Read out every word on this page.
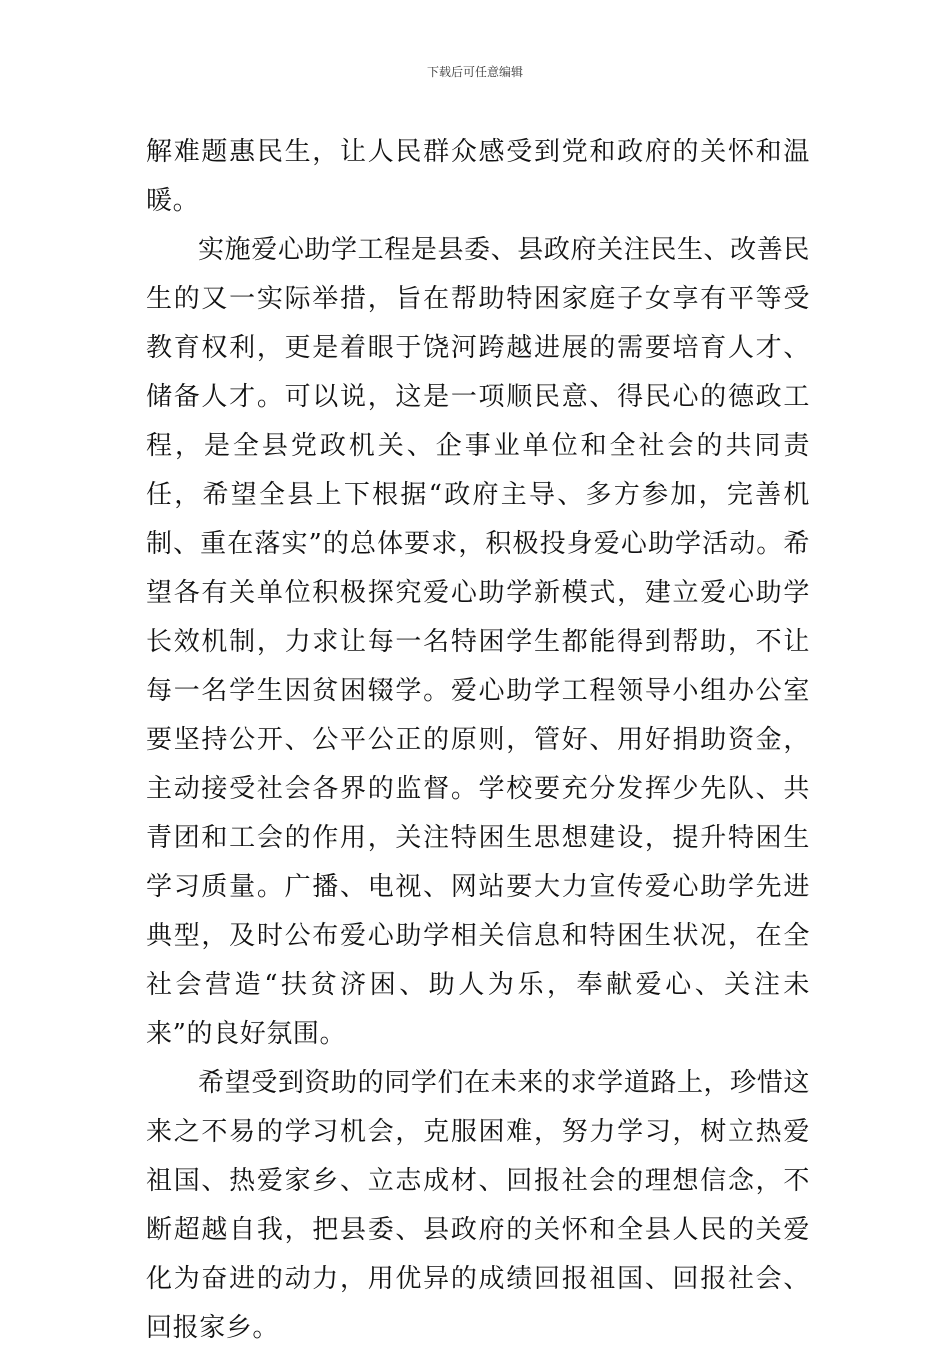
下载后可任意编辑

解难题惠民生，让人民群众感受到党和政府的关怀和温暖。

实施爱心助学工程是县委、县政府关注民生、改善民生的又一实际举措，旨在帮助特困家庭子女享有平等受教育权利，更是着眼于饶河跨越进展的需要培育人才、储备人才。可以说，这是一项顺民意、得民心的德政工程，是全县党政机关、企事业单位和全社会的共同责任，希望全县上下根据“政府主导、多方参加，完善机制、重在落实”的总体要求，积极投身爱心助学活动。希望各有关单位积极探究爱心助学新模式，建立爱心助学长效机制，力求让每一名特困学生都能得到帮助，不让每一名学生因贫困辍学。爱心助学工程领导小组办公室要坚持公开、公平公正的原则，管好、用好捐助资金，主动接受社会各界的监督。学校要充分发挥少先队、共青团和工会的作用，关注特困生思想建设，提升特困生学习质量。广播、电视、网站要大力宣传爱心助学先进典型，及时公布爱心助学相关信息和特困生状况，在全社会营造“扶贫济困、助人为乐，奉献爱心、关注未来”的良好氛围。

希望受到资助的同学们在未来的求学道路上，珍惜这来之不易的学习机会，克服困难，努力学习，树立热爱祖国、热爱家乡、立志成材、回报社会的理想信念，不断超越自我，把县委、县政府的关怀和全县人民的关爱化为奋进的动力，用优异的成绩回报祖国、回报社会、回报家乡。
